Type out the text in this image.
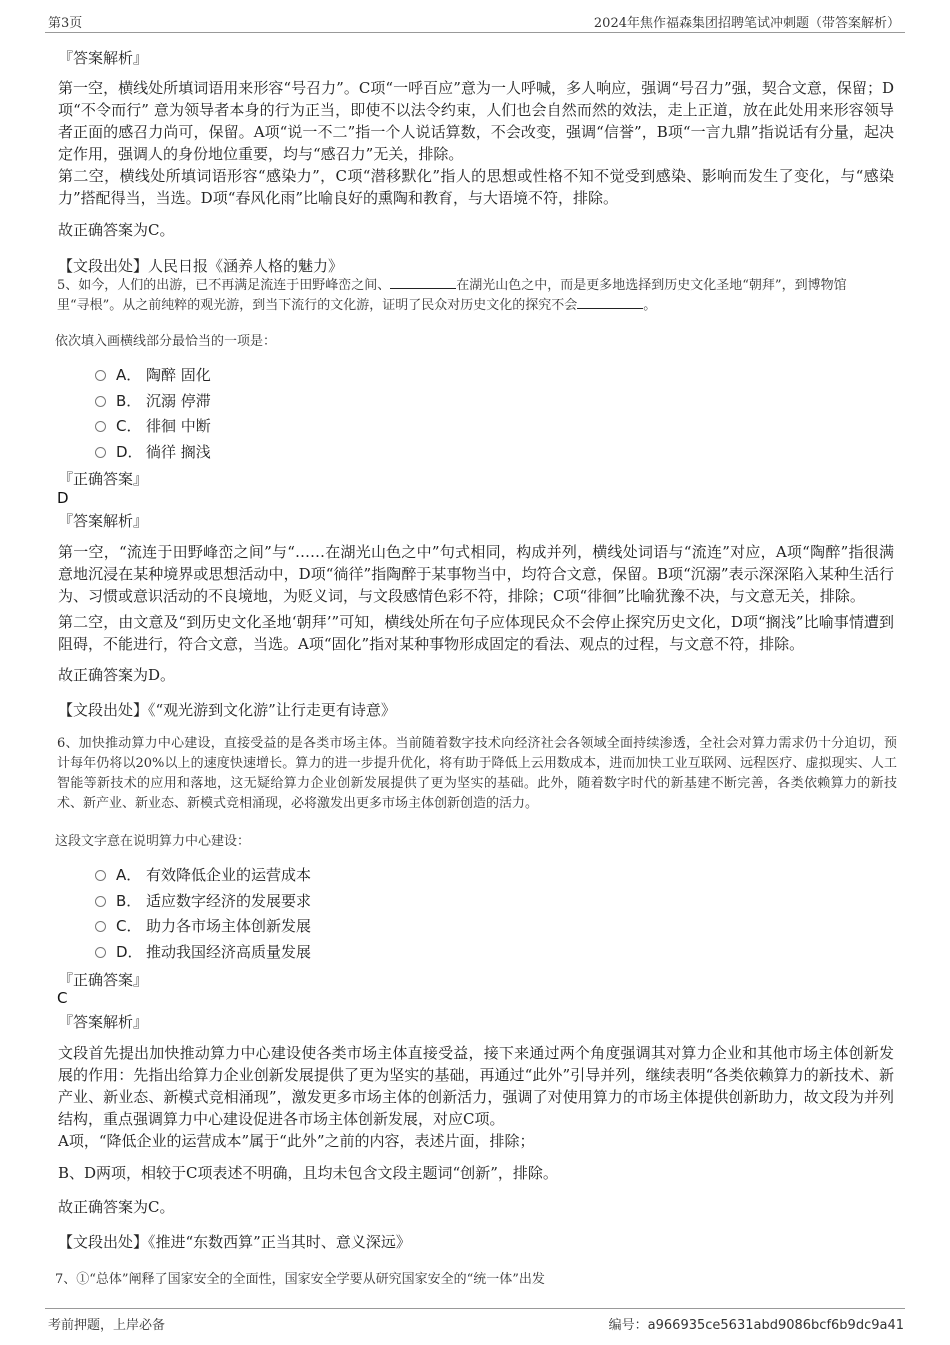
第3页	2024年焦作福森集团招聘笔试冲刺题（带答案解析）
『答案解析』

第一空，横线处所填词语用来形容“号召力”。C项“一呼百应”意为一人呼喊，多人响应，强调“号召力”强，契合文意，保留；D项“不令而行” 意为领导者本身的行为正当，即使不以法令约束，人们也会自然而然的效法，走上正道，放在此处用来形容领导者正面的感召力尚可，保留。A项“说一不二”指一个人说话算数，不会改变，强调“信誉”，B项“一言九鼎”指说话有分量，起决定作用，强调人的身份地位重要，均与“感召力”无关，排除。

第二空，横线处所填词语形容“感染力”，C项“潜移默化”指人的思想或性格不知不觉受到感染、影响而发生了变化，与“感染力”搭配得当，当选。D项“春风化雨”比喻良好的熏陶和教育，与大语境不符，排除。

故正确答案为C。

【文段出处】人民日报《涵养人格的魅力》
5、如今，人们的出游，已不再满足流连于田野峰峦之间、	在湖光山色之中，而是更多地选择到历史文化圣地“朝拜”，到博物馆
里“寻根”。从之前纯粹的观光游，到当下流行的文化游，证明了民众对历史文化的探究不会	。
依次填入画横线部分最恰当的一项是：
A． 陶醉 固化
B． 沉溺 停滞
C． 徘徊 中断
D． 徜徉 搁浅
『正确答案』
D
『答案解析』

第一空，“流连于田野峰峦之间”与“……在湖光山色之中”句式相同，构成并列，横线处词语与“流连”对应，A项“陶醉”指很满意地沉浸在某种境界或思想活动中，D项“徜徉”指陶醉于某事物当中，均符合文意，保留。B项“沉溺”表示深深陷入某种生活行为、习惯或意识活动的不良境地，为贬义词，与文段感情色彩不符，排除；C项“徘徊”比喻犹豫不决，与文意无关，排除。

第二空，由文意及“到历史文化圣地‘朝拜’”可知，横线处所在句子应体现民众不会停止探究历史文化，D项“搁浅”比喻事情遭到阻碍，不能进行，符合文意，当选。A项“固化”指对某种事物形成固定的看法、观点的过程，与文意不符，排除。

故正确答案为D。

【文段出处】《“观光游到文化游”让行走更有诗意》

6、加快推动算力中心建设，直接受益的是各类市场主体。当前随着数字技术向经济社会各领域全面持续渗透，全社会对算力需求仍十分迫切，预计每年仍将以20%以上的速度快速增长。算力的进一步提升优化，将有助于降低上云用数成本，进而加快工业互联网、远程医疗、虚拟现实、人工智能等新技术的应用和落地，这无疑给算力企业创新发展提供了更为坚实的基础。此外，随着数字时代的新基建不断完善，各类依赖算力的新技术、新产业、新业态、新模式竞相涌现，必将激发出更多市场主体创新创造的活力。

这段文字意在说明算力中心建设：
A． 有效降低企业的运营成本
B． 适应数字经济的发展要求
C． 助力各市场主体创新发展
D． 推动我国经济高质量发展
『正确答案』
C
『答案解析』

文段首先提出加快推动算力中心建设使各类市场主体直接受益，接下来通过两个角度强调其对算力企业和其他市场主体创新发展的作用：先指出给算力企业创新发展提供了更为坚实的基础，再通过“此外”引导并列，继续表明“各类依赖算力的新技术、新产业、新业态、新模式竞相涌现”，激发更多市场主体的创新活力，强调了对使用算力的市场主体提供创新助力，故文段为并列结构，重点强调算力中心建设促进各市场主体创新发展，对应C项。

A项，“降低企业的运营成本”属于“此外”之前的内容，表述片面，排除；

B、D两项，相较于C项表述不明确，且均未包含文段主题词“创新”，排除。

故正确答案为C。

【文段出处】《推进“东数西算”正当其时、意义深远》
7、①“总体”阐释了国家安全的全面性，国家安全学要从研究国家安全的“统一体”出发
考前押题，上岸必备	编号：a966935ce5631abd9086bcf6b9dc9a41
